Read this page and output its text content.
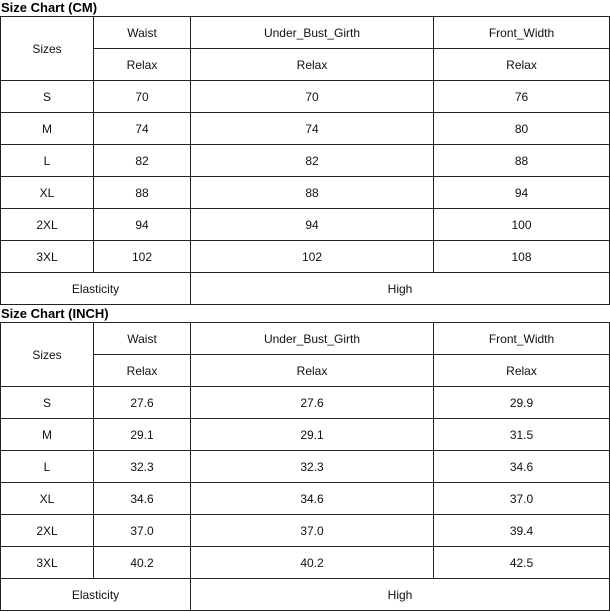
Size Chart (CM)
Sizes	Waist	Under_Bust_Girth	Front_Width
	Relax	Relax	Relax
S	70	70	76
M	74	74	80
L	82	82	88
XL	88	88	94
2XL	94	94	100
3XL	102	102	108
Elasticity		High	
Size Chart (INCH)
Sizes	Waist	Under_Bust_Girth	Front_Width
	Relax	Relax	Relax
S	27.6	27.6	29.9
M	29.1	29.1	31.5
L	32.3	32.3	34.6
XL	34.6	34.6	37.0
2XL	37.0	37.0	39.4
3XL	40.2	40.2	42.5
Elasticity		High	
